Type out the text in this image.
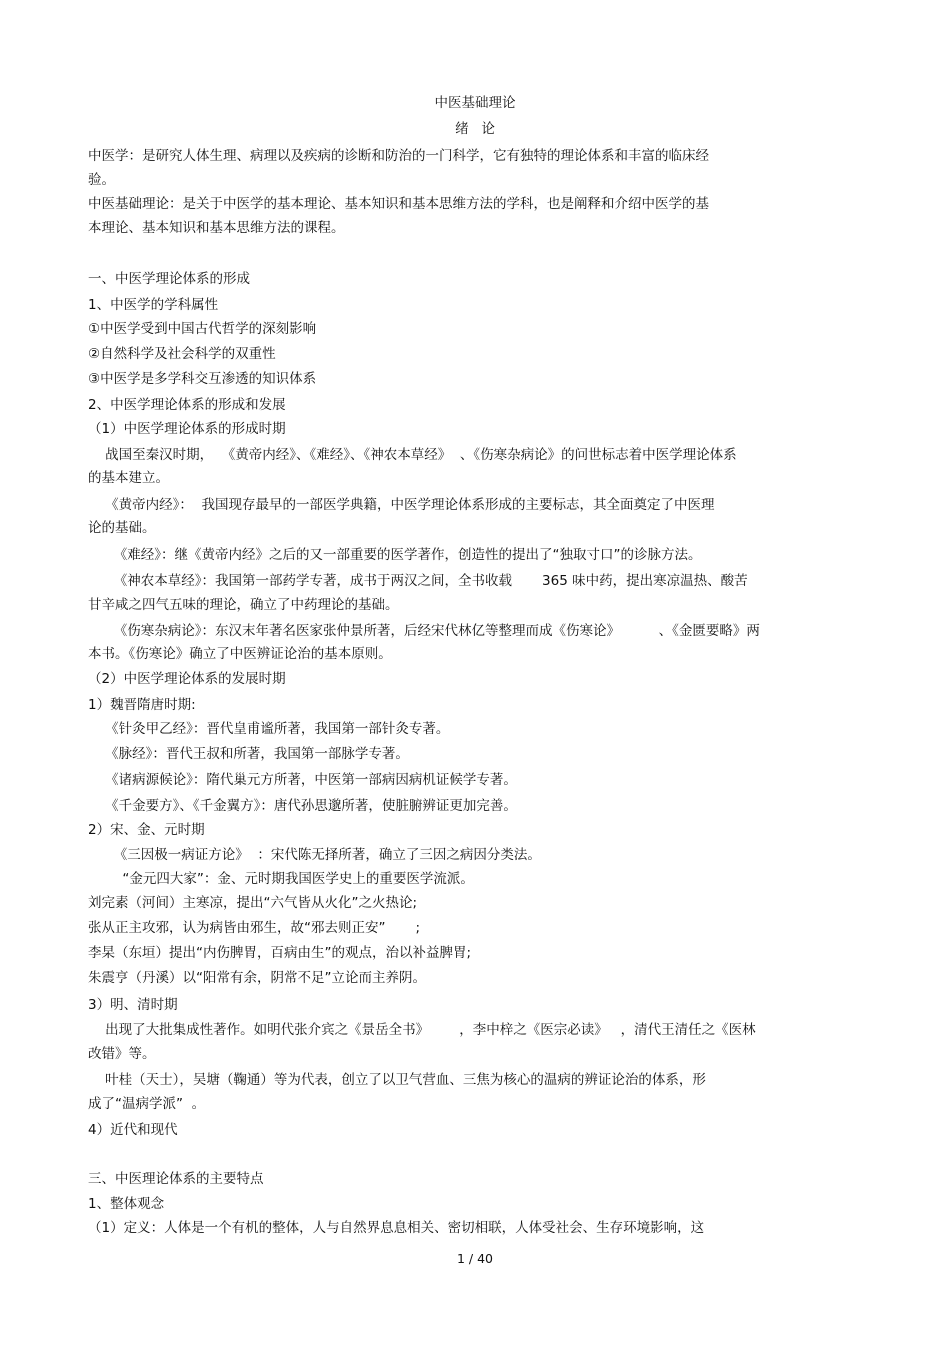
中医基础理论
绪   论
中医学：是研究人体生理、病理以及疾病的诊断和防治的一门科学，它有独特的理论体系和丰富的临床经
验。
中医基础理论：是关于中医学的基本理论、基本知识和基本思维方法的学科，也是阐释和介绍中医学的基
本理论、基本知识和基本思维方法的课程。
一、中医学理论体系的形成
1、中医学的学科属性
①中医学受到中国古代哲学的深刻影响
②自然科学及社会科学的双重性
③中医学是多学科交互渗透的知识体系
2、中医学理论体系的形成和发展
（1）中医学理论体系的形成时期
战国至秦汉时期，  《黄帝内经》、《难经》、《神农本草经》  、《伤寒杂病论》的问世标志着中医学理论体系
的基本建立。
《黄帝内经》：  我国现存最早的一部医学典籍，中医学理论体系形成的主要标志，其全面奠定了中医理
论的基础。
《难经》：继《黄帝内经》之后的又一部重要的医学著作，创造性的提出了“独取寸口”的诊脉方法。
《神农本草经》：我国第一部药学专著，成书于两汉之间，全书收载       365 味中药，提出寒凉温热、酸苦
甘辛咸之四气五味的理论，确立了中药理论的基础。
《伤寒杂病论》：东汉末年著名医家张仲景所著，后经宋代林亿等整理而成《伤寒论》         、《金匮要略》两
本书。《伤寒论》确立了中医辨证论治的基本原则。
（2）中医学理论体系的发展时期
1）魏晋隋唐时期:
《针灸甲乙经》：晋代皇甫谧所著，我国第一部针灸专著。
《脉经》：晋代王叔和所著，我国第一部脉学专著。
《诸病源候论》：隋代巢元方所著，中医第一部病因病机证候学专著。
《千金要方》、《千金翼方》：唐代孙思邈所著，使脏腑辨证更加完善。
2）宋、金、元时期
《三因极一病证方论》  ：宋代陈无择所著，确立了三因之病因分类法。
“金元四大家”：金、元时期我国医学史上的重要医学流派。
刘完素（河间）主寒凉，提出“六气皆从火化”之火热论;
张从正主攻邪，认为病皆由邪生，故“邪去则正安”       ;
李杲（东垣）提出“内伤脾胃，百病由生”的观点，治以补益脾胃;
朱震亨（丹溪）以“阳常有余，阴常不足”立论而主养阴。
3）明、清时期
出现了大批集成性著作。如明代张介宾之《景岳全书》       ，李中梓之《医宗必读》   ，清代王清任之《医林
改错》等。
叶桂（天士），吴塘（鞠通）等为代表，创立了以卫气营血、三焦为核心的温病的辨证论治的体系，形
成了“温病学派”  。
4）近代和现代
三、中医理论体系的主要特点
1、整体观念
（1）定义：人体是一个有机的整体，人与自然界息息相关、密切相联，人体受社会、生存环境影响，这
1 / 40
